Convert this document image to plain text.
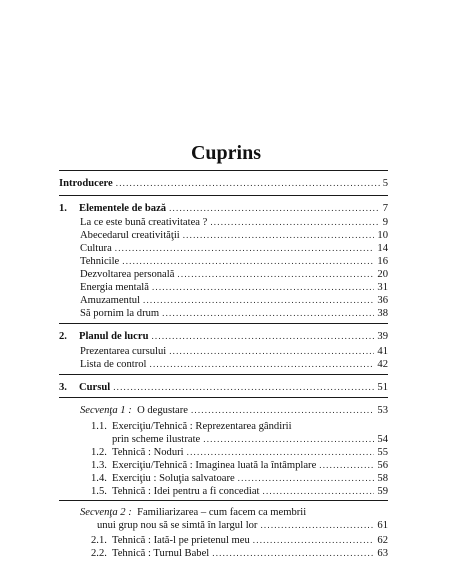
Cuprins
Introducere .....	5
1. Elementele de bază .....	7
La ce este bună creativitatea ? .....	9
Abecedarul creativităţii .....	10
Cultura .....	14
Tehnicile .....	16
Dezvoltarea personală .....	20
Energia mentală .....	31
Amuzamentul .....	36
Să pornim la drum .....	38
2. Planul de lucru .....	39
Prezentarea cursului .....	41
Lista de control .....	42
3. Cursul .....	51
Secvenţa 1 : O degustare .....	53
1.1. Exerciţiu/Tehnică : Reprezentarea gândirii
prin scheme ilustrate .....	54
1.2. Tehnică : Noduri .....	55
1.3. Exerciţiu/Tehnică : Imaginea luată la întâmplare .....	56
1.4. Exerciţiu : Soluţia salvatoare .....	58
1.5. Tehnică : Idei pentru a fi concediat .....	59
Secvenţa 2 : Familiarizarea – cum facem ca membrii
unui grup nou să se simtă în largul lor .....	61
2.1. Tehnică : Iată-l pe prietenul meu .....	62
2.2. Tehnică : Turnul Babel .....	63
